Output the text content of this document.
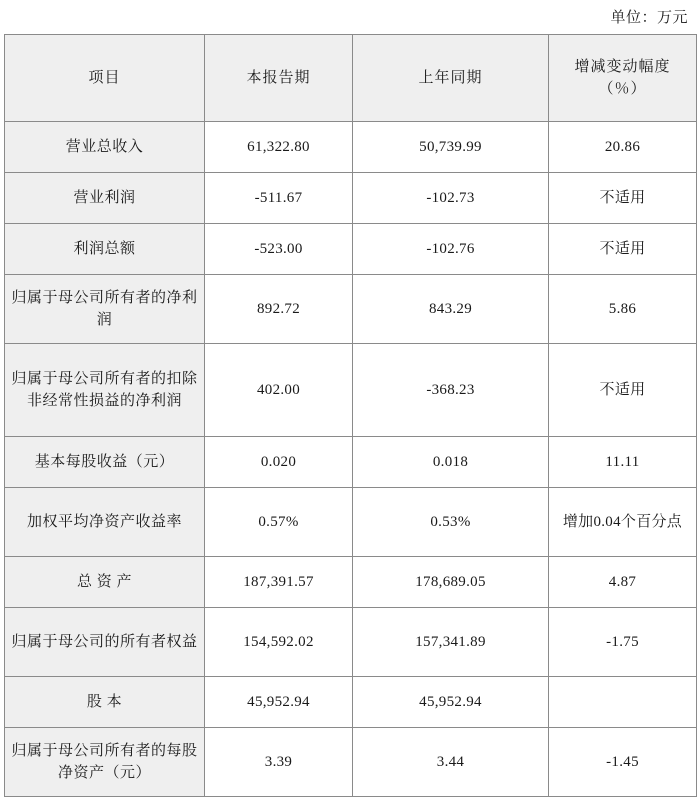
单位：万元
项目	本报告期	上年同期	增减变动幅度
（％）

营业总收入	61,322.80	50,739.99	20.86
营业利润	-511.67	-102.73	不适用
利润总额	-523.00	-102.76	不适用
归属于母公司所有者的净利润	892.72	843.29	5.86
归属于母公司所有者的扣除非经常性损益的净利润	402.00	-368.23	不适用
基本每股收益（元）	0.020	0.018	11.11
加权平均净资产收益率	0.57%	0.53%	增加0.04个百分点
总 资 产	187,391.57	178,689.05	4.87
归属于母公司的所有者权益	154,592.02	157,341.89	-1.75
股 本	45,952.94	45,952.94	
归属于母公司所有者的每股净资产（元）	3.39	3.44	-1.45
